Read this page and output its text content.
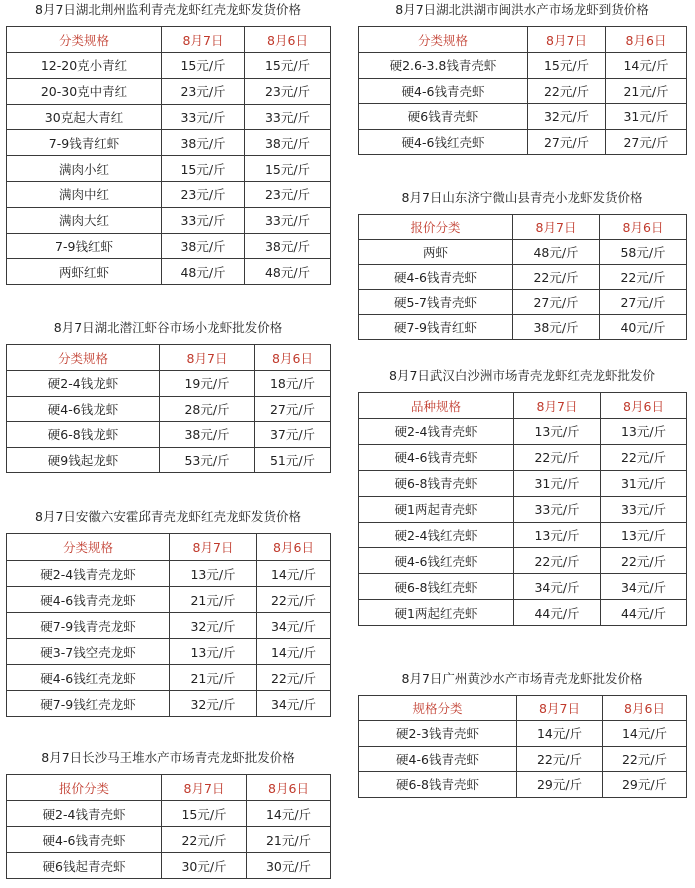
8月7日湖北荆州监利青壳龙虾红壳龙虾发货价格
分类规格	8月7日	8月6日
12-20克小青红	15元/斤	15元/斤
20-30克中青红	23元/斤	23元/斤
30克起大青红	33元/斤	33元/斤
7-9钱青红虾	38元/斤	38元/斤
满肉小红	15元/斤	15元/斤
满肉中红	23元/斤	23元/斤
满肉大红	33元/斤	33元/斤
7-9钱红虾	38元/斤	38元/斤
两虾红虾	48元/斤	48元/斤
8月7日湖北潜江虾谷市场小龙虾批发价格
分类规格	8月7日	8月6日
硬2-4钱龙虾	19元/斤	18元/斤
硬4-6钱龙虾	28元/斤	27元/斤
硬6-8钱龙虾	38元/斤	37元/斤
硬9钱起龙虾	53元/斤	51元/斤
8月7日安徽六安霍邱青壳龙虾红壳龙虾发货价格
分类规格	8月7日	8月6日
硬2-4钱青壳龙虾	13元/斤	14元/斤
硬4-6钱青壳龙虾	21元/斤	22元/斤
硬7-9钱青壳龙虾	32元/斤	34元/斤
硬3-7钱空壳龙虾	13元/斤	14元/斤
硬4-6钱红壳龙虾	21元/斤	22元/斤
硬7-9钱红壳龙虾	32元/斤	34元/斤
8月7日长沙马王堆水产市场青壳龙虾批发价格
报价分类	8月7日	8月6日
硬2-4钱青壳虾	15元/斤	14元/斤
硬4-6钱青壳虾	22元/斤	21元/斤
硬6钱起青壳虾	30元/斤	30元/斤
8月7日湖北洪湖市闽洪水产市场龙虾到货价格
分类规格	8月7日	8月6日
硬2.6-3.8钱青壳虾	15元/斤	14元/斤
硬4-6钱青壳虾	22元/斤	21元/斤
硬6钱青壳虾	32元/斤	31元/斤
硬4-6钱红壳虾	27元/斤	27元/斤
8月7日山东济宁微山县青壳小龙虾发货价格
报价分类	8月7日	8月6日
两虾	48元/斤	58元/斤
硬4-6钱青壳虾	22元/斤	22元/斤
硬5-7钱青壳虾	27元/斤	27元/斤
硬7-9钱青红虾	38元/斤	40元/斤
8月7日武汉白沙洲市场青壳龙虾红壳龙虾批发价
品种规格	8月7日	8月6日
硬2-4钱青壳虾	13元/斤	13元/斤
硬4-6钱青壳虾	22元/斤	22元/斤
硬6-8钱青壳虾	31元/斤	31元/斤
硬1两起青壳虾	33元/斤	33元/斤
硬2-4钱红壳虾	13元/斤	13元/斤
硬4-6钱红壳虾	22元/斤	22元/斤
硬6-8钱红壳虾	34元/斤	34元/斤
硬1两起红壳虾	44元/斤	44元/斤
8月7日广州黄沙水产市场青壳龙虾批发价格
规格分类	8月7日	8月6日
硬2-3钱青壳虾	14元/斤	14元/斤
硬4-6钱青壳虾	22元/斤	22元/斤
硬6-8钱青壳虾	29元/斤	29元/斤
